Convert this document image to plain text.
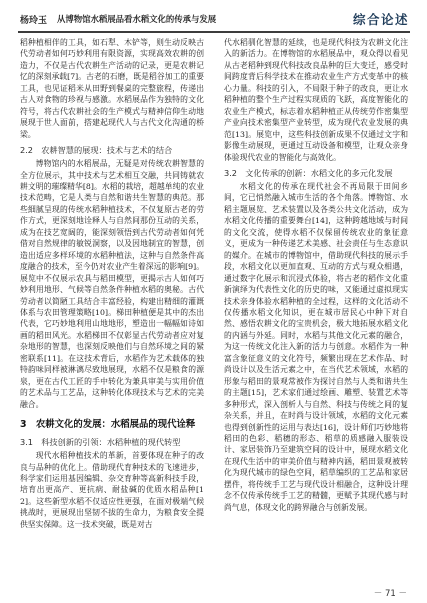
杨玲玉 从博物馆水稻展品看水稻文化的传承与发展	综合论述

稻种植相伴的工具，如石犁、木铲等，则生动反映古代劳动者如何巧妙利用有限资源，实现高效农耕的创造力，不仅是古代农耕生产活动的记录，更是农耕记忆的深刻承载[7]。古老的石磨，既是稻谷加工的重要工具，也见证稻米从田野到餐桌的完整旅程，传递出古人对食物的珍视与感激。水稻展品作为独特的文化符号，将古代农耕社会的生产模式与精神信仰生动地展现于世人面前，搭建起现代人与古代文化沟通的桥梁。

2.2　农耕智慧的展现：技术与艺术的结合

博物馆内的水稻展品，无疑是对传统农耕智慧的全方位展示，其中技术与艺术相互交融，共同铸就农耕文明的璀璨精华[8]。水稻的栽培，超越单纯的农业技术范畴，它是人类与自然和谐共生智慧的典范。那些細腻呈现的传统水稻种植技术，不仅复原古老的劳作方式，更深刻地诠释人与自然间那份互动的关系，成为在技艺宽阔的，能深刻领悟到古代劳动者如何凭借对自然规律的敏锐洞察，以及因地制宜的智慧，创造出适应多样环境的水稻种植法，这种与自然条件高度融合的技术，至今仍对农业产生着深远的影响[9]。展览中不仅展示农具与稻田模型，更揭示古人如何巧妙利用地形、气候等自然条件种植水稻的奥秘。古代劳动者以简陋工具结合丰富经验，构建出精细的灌溉体系与农田管理策略[10]。梯田种植便是其中的杰出代表，它巧妙地利用山地地形，塑造出一幅幅如诗如画的稻田风光。水稻梯田不仅彰显古代劳动者应对复杂地形的智慧，也深刻反映他们与自然环境之间的紧密联系[11]。在这技术背后，水稻作为艺术载体的独特韵味同样被淋漓尽致地展现，水稻不仅是粮食的源泉，更在古代工匠的手中转化为兼具审美与实用价值的艺术品与工艺品，这种转化体现技术与艺术的完美融合。

3　农耕文化的发展：水稻展品的现代诠释
3.1　科技创新的引领：水稻种植的现代转型

现代水稻种植技术的革新，首要体现在种子的改良与品种的优化上。借助现代育种技术的飞速进步，科学家们运用基因编辑、杂交育种等高新科技手段，培育出更高产、更抗病、耐盐碱的优质水稻品种[12]。这些新型水稻不仅适应性更强，在面对极端气候挑战时，更展现出坚韧不拔的生命力，为粮食安全提供坚实保障。这一技术突破，既是对古

代水稻驯化智慧的延续，也是现代科技为农耕文化注入的新活力。在博物馆的水稻展品中，观众得以看见从古老稻种到现代科技改良品种的巨大变迁，感受时间跨度背后科学技术在推动农业生产方式变革中的核心力量。科技的引入，不局限于种子的改良，更让水稻种植的整个生产过程实现质的飞跃，高度智能化的农业生产模式，标志着水稻种植正从传统劳作密集型产业向技术密集型产业转型，成为现代农业发展的典范[13]。展览中，这些科技创新成果不仅通过文字和影像生动展现，更通过互动设备和模型，让观众亲身体验现代农业的智能化与高效化。

3.2　文化传承的创新：水稻文化的多元化发展

水稻文化的传承在现代社会不再局限于田间乡间，它已悄然融入城市生活的各个角落。博物馆、水稻主题展览、艺术装置以及各类公共文化活动，成为水稻文化传播的重要舞台[14]，这种跨越地域与时间的文化交流，使得水稻不仅保留传统农业的象征意义，更成为一种传递艺术美感、社会责任与生态意识的媒介。在城市的博物馆中，借助现代科技的展示手段，水稻文化以更加直观、互动的方式与观众相遇，通过数字化展示和沉浸式体验，将古老的稻作文化重新演绎为代表性文化的历史的味，又能通过虚拟现实技术亲身体验水稻种植的全过程，这样的文化活动不仅传播水稻文化知识，更在城市居民心中种下对自然、感悟农耕文化的宝贵机会，极大地拓展水稻文化的内涵与外延。同时，水稻与其他文化元素的融合，为这一传统文化注入新的活力与创意。水稻作为一种富含象征意义的文化符号，频繁出现在艺术作品、时尚设计以及生活元素之中，在当代艺术领域，水稻的形象与稻田的景观常被作为探讨自然与人类和谐共生的主题[15]，艺术家们通过绘画、雕塑、装置艺术等多种形式，深入剖析人与自然、科技与传统之间的复杂关系，并且，在时尚与设计领域，水稻的文化元素也得到创新性的运用与表达[16]，设计师们巧妙地将稻田的色彩、稻穗的形态、稻草的质感融入服装设计、家居装饰乃至建筑空间的设计中，展现水稻文化在现代生活中的审美价值与精神内涵，稻田景观被转化为现代城市的绿色空间，稻草编织的工艺品和家居摆件，将传统手工艺与现代设计相融合，这种设计理念不仅传承传统手工艺的精髓，更赋予其现代感与时尚气息，体现文化的跨界融合与创新发展。

－ 71 －
